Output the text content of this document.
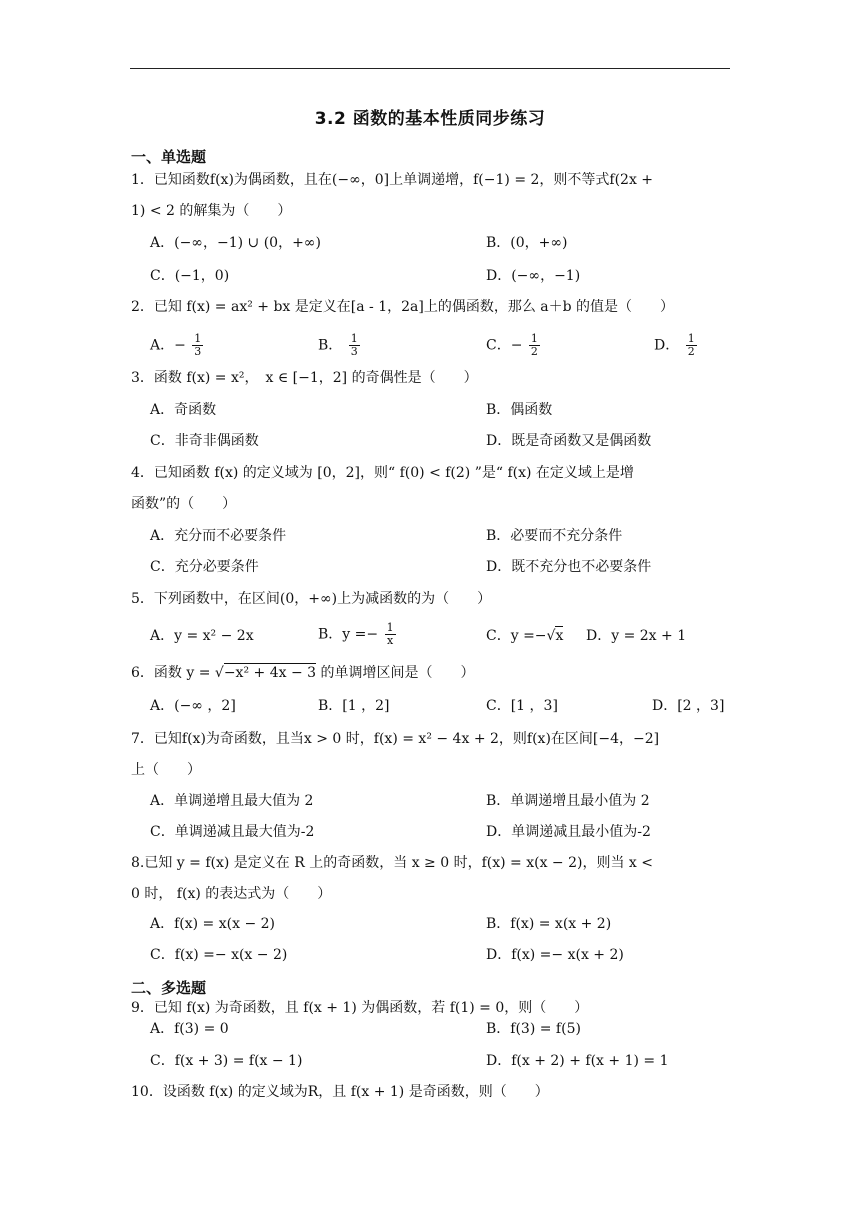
3.2 函数的基本性质同步练习
一、单选题
1．已知函数f(x)为偶函数，且在(−∞，0]上单调递增，f(−1) = 2，则不等式f(2x +
1) < 2 的解集为（　　）
A．(−∞，−1) ∪ (0，+∞)	B．(0，+∞)
C．(−1，0)	D．(−∞，−1)
2．已知 f(x) = ax² + bx 是定义在[a - 1，2a]上的偶函数，那么 a＋b 的值是（　　）
A．− $\frac{1}{3}$	B． $\frac{1}{3}$	C．− $\frac{1}{2}$	D． $\frac{1}{2}$
3．函数 f(x) = x²，　x ∈ [−1，2] 的奇偶性是（　　）
A．奇函数	B．偶函数
C．非奇非偶函数	D．既是奇函数又是偶函数
4．已知函数 f(x) 的定义域为 [0，2]，则“ f(0) < f(2) ”是“ f(x) 在定义域上是增
函数”的（　　）
A．充分而不必要条件	B．必要而不充分条件
C．充分必要条件	D．既不充分也不必要条件
5．下列函数中，在区间(0，+∞)上为减函数的为（　　）
A．y = x² − 2x	B．$y =- \frac{1}{x}$	C．y =−√x D．y = 2x + 1
6．函数 y = √−x² + 4x − 3 的单调增区间是（　　）
A．(−∞ ，2]	B．[1 ，2]	C．[1 ，3]	D．[2 ，3]
7．已知f(x)为奇函数，且当x > 0 时，f(x) = x² − 4x + 2，则f(x)在区间[−4，−2]
上（　　）
A．单调递增且最大值为 2	B．单调递增且最小值为 2
C．单调递减且最大值为-2	D．单调递减且最小值为-2
8.已知 y = f(x) 是定义在 R 上的奇函数，当 x ≥ 0 时，f(x) = x(x − 2)，则当 x <
0 时， f(x) 的表达式为（　　）
A．f(x) = x(x − 2)	B．f(x) = x(x + 2)
C．f(x) =− x(x − 2)	D．f(x) =− x(x + 2)
二、多选题
9．已知 f(x) 为奇函数，且 f(x + 1) 为偶函数，若 f(1) = 0，则（　　）
A．f(3) = 0	B．f(3) = f(5)
C．f(x + 3) = f(x − 1)	D．f(x + 2) + f(x + 1) = 1
10．设函数 f(x) 的定义域为R，且 f(x + 1) 是奇函数，则（　　）
